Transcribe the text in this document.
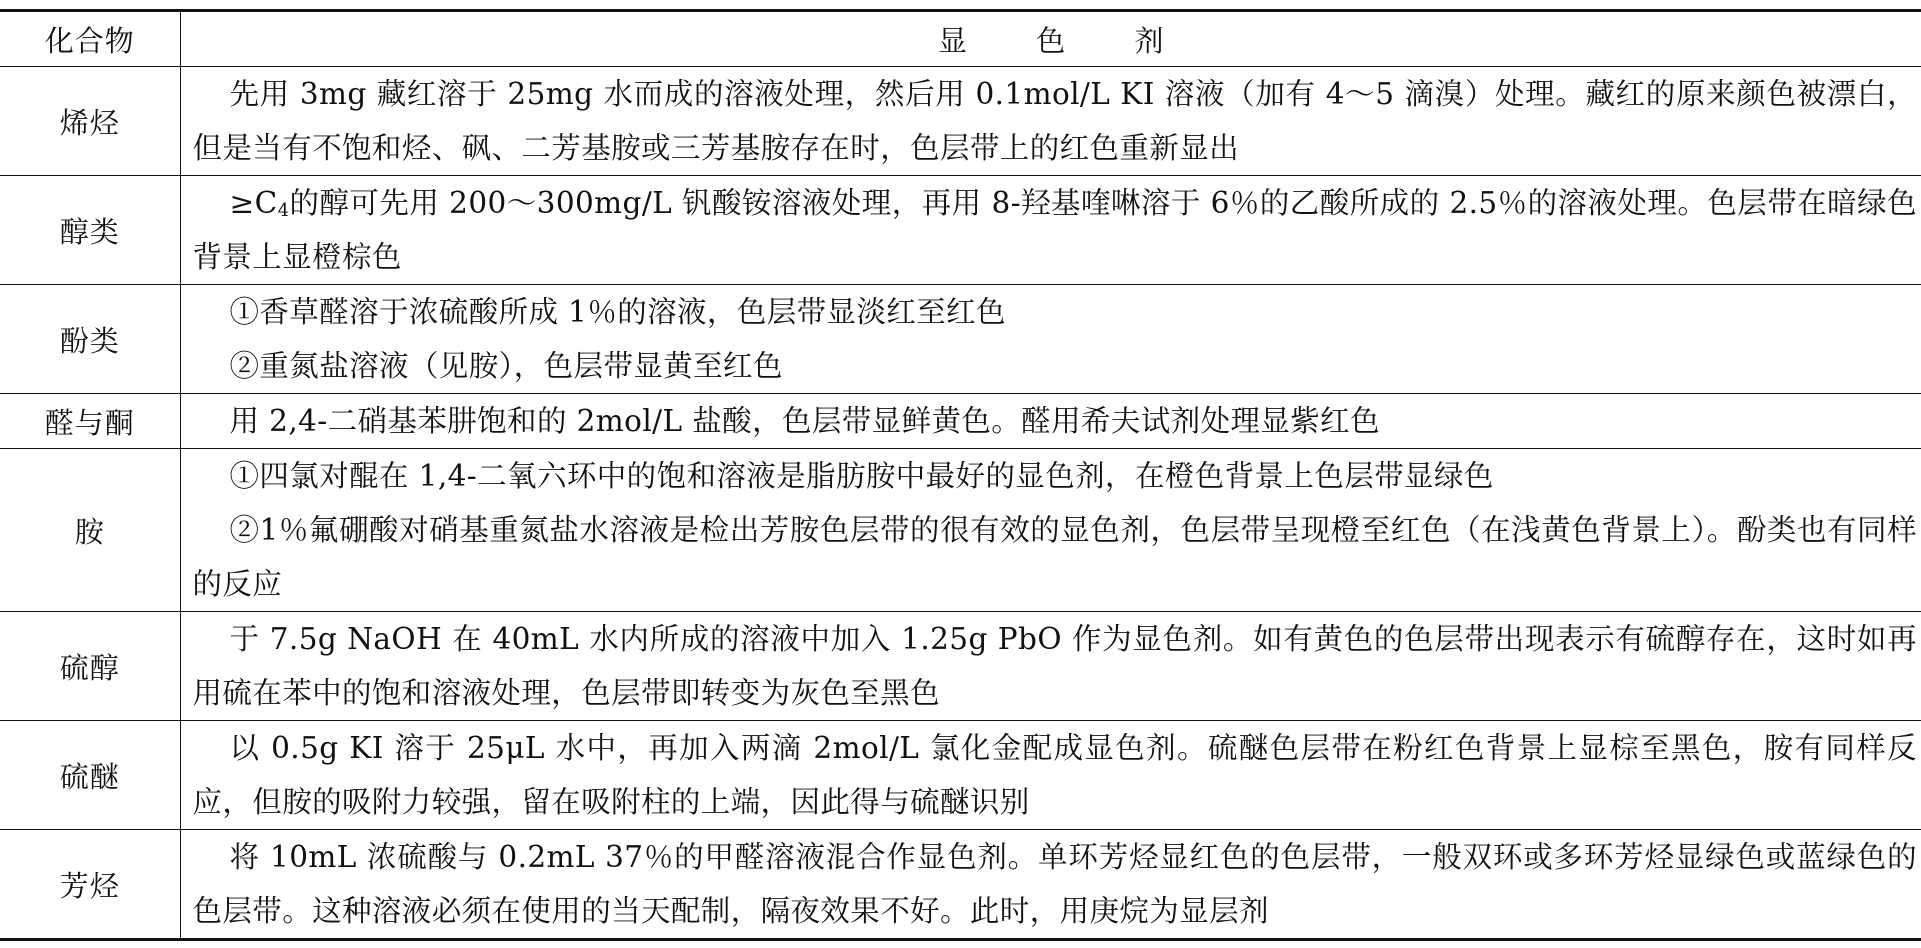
化合物	显 色 剂
烯烃	先用 3mg 藏红溶于 25mg 水而成的溶液处理，然后用 0.1mol/L KI 溶液（加有 4～5 滴溴）处理。藏红的原来颜色被漂白，但是当有不饱和烃、砜、二芳基胺或三芳基胺存在时，色层带上的红色重新显出

醇类	$\ge C_4$的醇可先用 200～300mg/L 钒酸铵溶液处理，再用 8-羟基喹啉溶于 6％的乙酸所成的 2.5％的溶液处理。色层带在暗绿色背景上显橙棕色

酚类	①香草醛溶于浓硫酸所成 1％的溶液，色层带显淡红至红色
②重氮盐溶液（见胺），色层带显黄至红色

醛与酮	用 2,4-二硝基苯肼饱和的 2mol/L 盐酸，色层带显鲜黄色。醛用希夫试剂处理显紫红色

胺	①四氯对醌在 1,4-二氧六环中的饱和溶液是脂肪胺中最好的显色剂，在橙色背景上色层带显绿色
②1％氟硼酸对硝基重氮盐水溶液是检出芳胺色层带的很有效的显色剂，色层带呈现橙至红色（在浅黄色背景上）。酚类也有同样的反应

硫醇	于 7.5g NaOH 在 40mL 水内所成的溶液中加入 1.25g PbO 作为显色剂。如有黄色的色层带出现表示有硫醇存在，这时如再用硫在苯中的饱和溶液处理，色层带即转变为灰色至黑色

硫醚	以 0.5g KI 溶于 25μL 水中，再加入两滴 2mol/L 氯化金配成显色剂。硫醚色层带在粉红色背景上显棕至黑色，胺有同样反应，但胺的吸附力较强，留在吸附柱的上端，因此得与硫醚识别

芳烃	将 10mL 浓硫酸与 0.2mL 37％的甲醛溶液混合作显色剂。单环芳烃显红色的色层带，一般双环或多环芳烃显绿色或蓝绿色的色层带。这种溶液必须在使用的当天配制，隔夜效果不好。此时，用庚烷为显层剂
